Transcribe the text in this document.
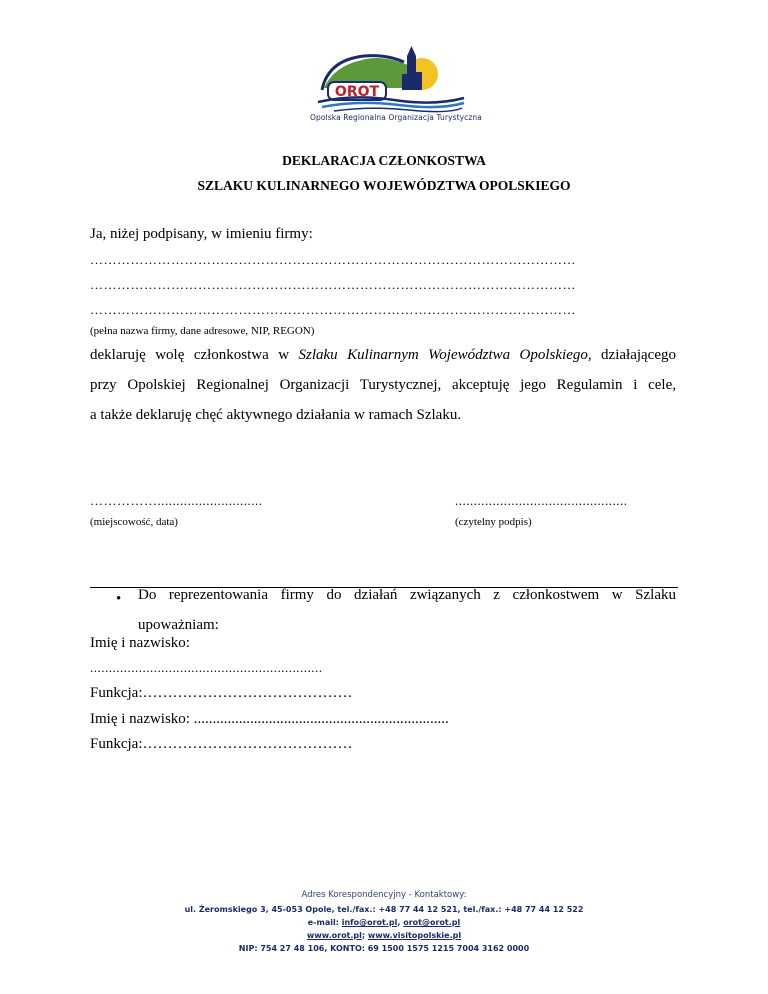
OROT
Opolska Regionalna Organizacja Turystyczna
DEKLARACJA CZŁONKOSTWA
SZLAKU KULINARNEGO WOJEWÓDZTWA OPOLSKIEGO
Ja, niżej podpisany, w imieniu firmy:
………………………………………………………………………………………………
………………………………………………………………………………………………
………………………………………………………………………………………………
(pełna nazwa firmy, dane adresowe, NIP, REGON)

deklaruję wolę członkostwa w Szlaku Kulinarnym Województwa Opolskiego, działającego

przy Opolskiej Regionalnej Organizacji Turystycznej, akceptuję jego Regulamin i cele,

a także deklaruję chęć aktywnego działania w ramach Szlaku.

……………............................
(miejscowość, data)
..............................................
(czytelny podpis)
• Do reprezentowania firmy do działań związanych z członkostwem w Szlaku

upoważniam:

Imię i nazwisko:
..............................................................
Funkcja:……………………………………
Imię i nazwisko: ....................................................................
Funkcja:……………………………………
Adres Korespondencyjny - Kontaktowy:
ul. Żeromskiego 3, 45-053 Opole, tel./fax.: +48 77 44 12 521, tel./fax.: +48 77 44 12 522
e-mail: info@orot.pl, orot@orot.pl
www.orot.pl; www.visitopolskie.pl
NIP: 754 27 48 106, KONTO: 69 1500 1575 1215 7004 3162 0000
